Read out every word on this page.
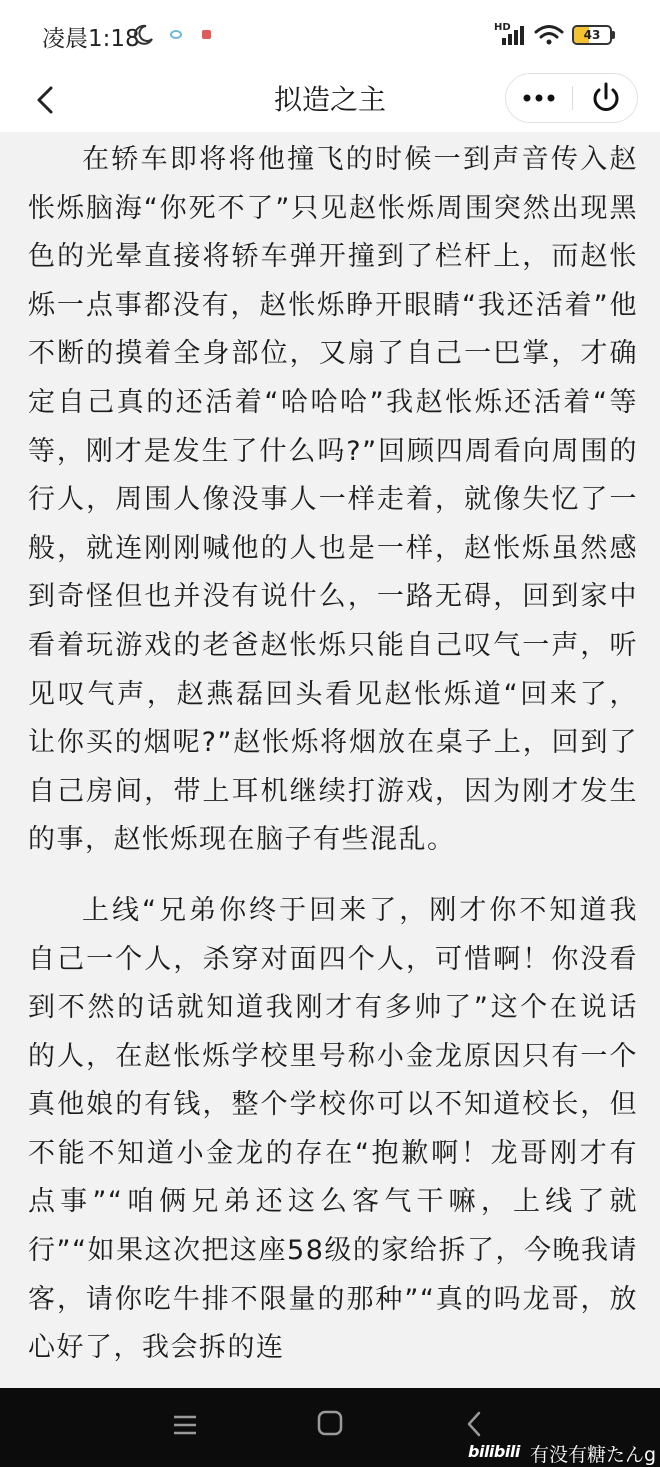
凌晨1:18	HD
43
拟造之主

在轿车即将将他撞飞的时候一到声音传入赵怅烁脑海“你死不了”只见赵怅烁周围突然出现黑色的光晕直接将轿车弹开撞到了栏杆上，而赵怅烁一点事都没有，赵怅烁睁开眼睛“我还活着”他不断的摸着全身部位，又扇了自己一巴掌，才确定自己真的还活着“哈哈哈”我赵怅烁还活着“等等，刚才是发生了什么吗?”回顾四周看向周围的行人，周围人像没事人一样走着，就像失忆了一般，就连刚刚喊他的人也是一样，赵怅烁虽然感到奇怪但也并没有说什么，一路无碍，回到家中看着玩游戏的老爸赵怅烁只能自己叹气一声，听见叹气声，赵燕磊回头看见赵怅烁道“回来了，让你买的烟呢?”赵怅烁将烟放在桌子上，回到了自己房间，带上耳机继续打游戏，因为刚才发生的事，赵怅烁现在脑子有些混乱。

上线“兄弟你终于回来了，刚才你不知道我自己一个人，杀穿对面四个人，可惜啊！你没看到不然的话就知道我刚才有多帅了”这个在说话的人，在赵怅烁学校里号称小金龙原因只有一个真他娘的有钱，整个学校你可以不知道校长，但不能不知道小金龙的存在“抱歉啊！龙哥刚才有点事”“咱俩兄弟还这么客气干嘛，上线了就行”“如果这次把这座58级的家给拆了，今晚我请客，请你吃牛排不限量的那种”“真的吗龙哥，放心好了，我会拆的连

bilibili 有没有糖たんg
